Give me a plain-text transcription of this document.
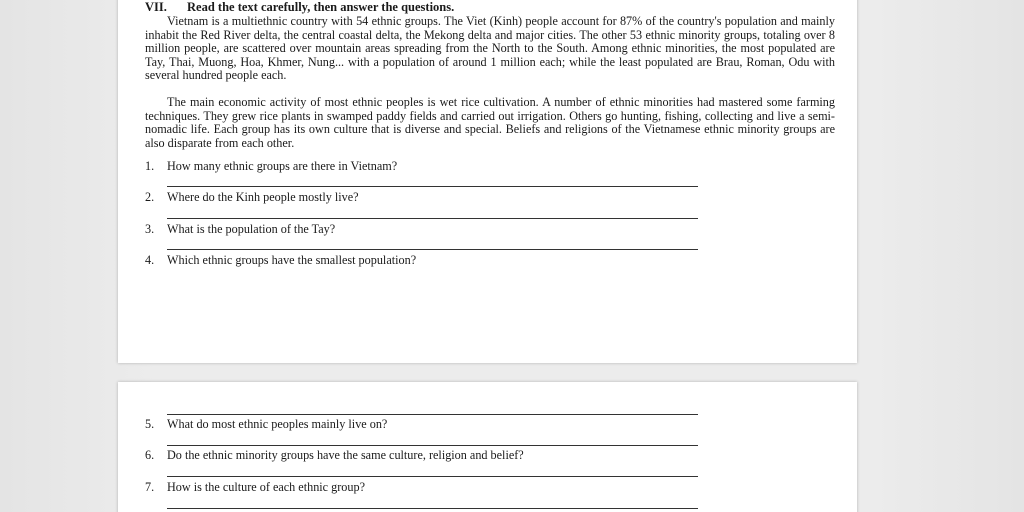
VII. Read the text carefully, then answer the questions.

Vietnam is a multiethnic country with 54 ethnic groups. The Viet (Kinh) people account for 87% of the country's population and mainly inhabit the Red River delta, the central coastal delta, the Mekong delta and major cities. The other 53 ethnic minority groups, totaling over 8 million people, are scattered over mountain areas spreading from the North to the South. Among ethnic minorities, the most populated are Tay, Thai, Muong, Hoa, Khmer, Nung... with a population of around 1 million each; while the least populated are Brau, Roman, Odu with several hundred people each.

The main economic activity of most ethnic peoples is wet rice cultivation. A number of ethnic minorities had mastered some farming techniques. They grew rice plants in swamped paddy fields and carried out irrigation. Others go hunting, fishing, collecting and live a semi-nomadic life. Each group has its own culture that is diverse and special. Beliefs and religions of the Vietnamese ethnic minority groups are also disparate from each other.

1. How many ethnic groups are there in Vietnam?
2. Where do the Kinh people mostly live?
3. What is the population of the Tay?
4. Which ethnic groups have the smallest population?
5. What do most ethnic peoples mainly live on?
6. Do the ethnic minority groups have the same culture, religion and belief?
7. How is the culture of each ethnic group?
